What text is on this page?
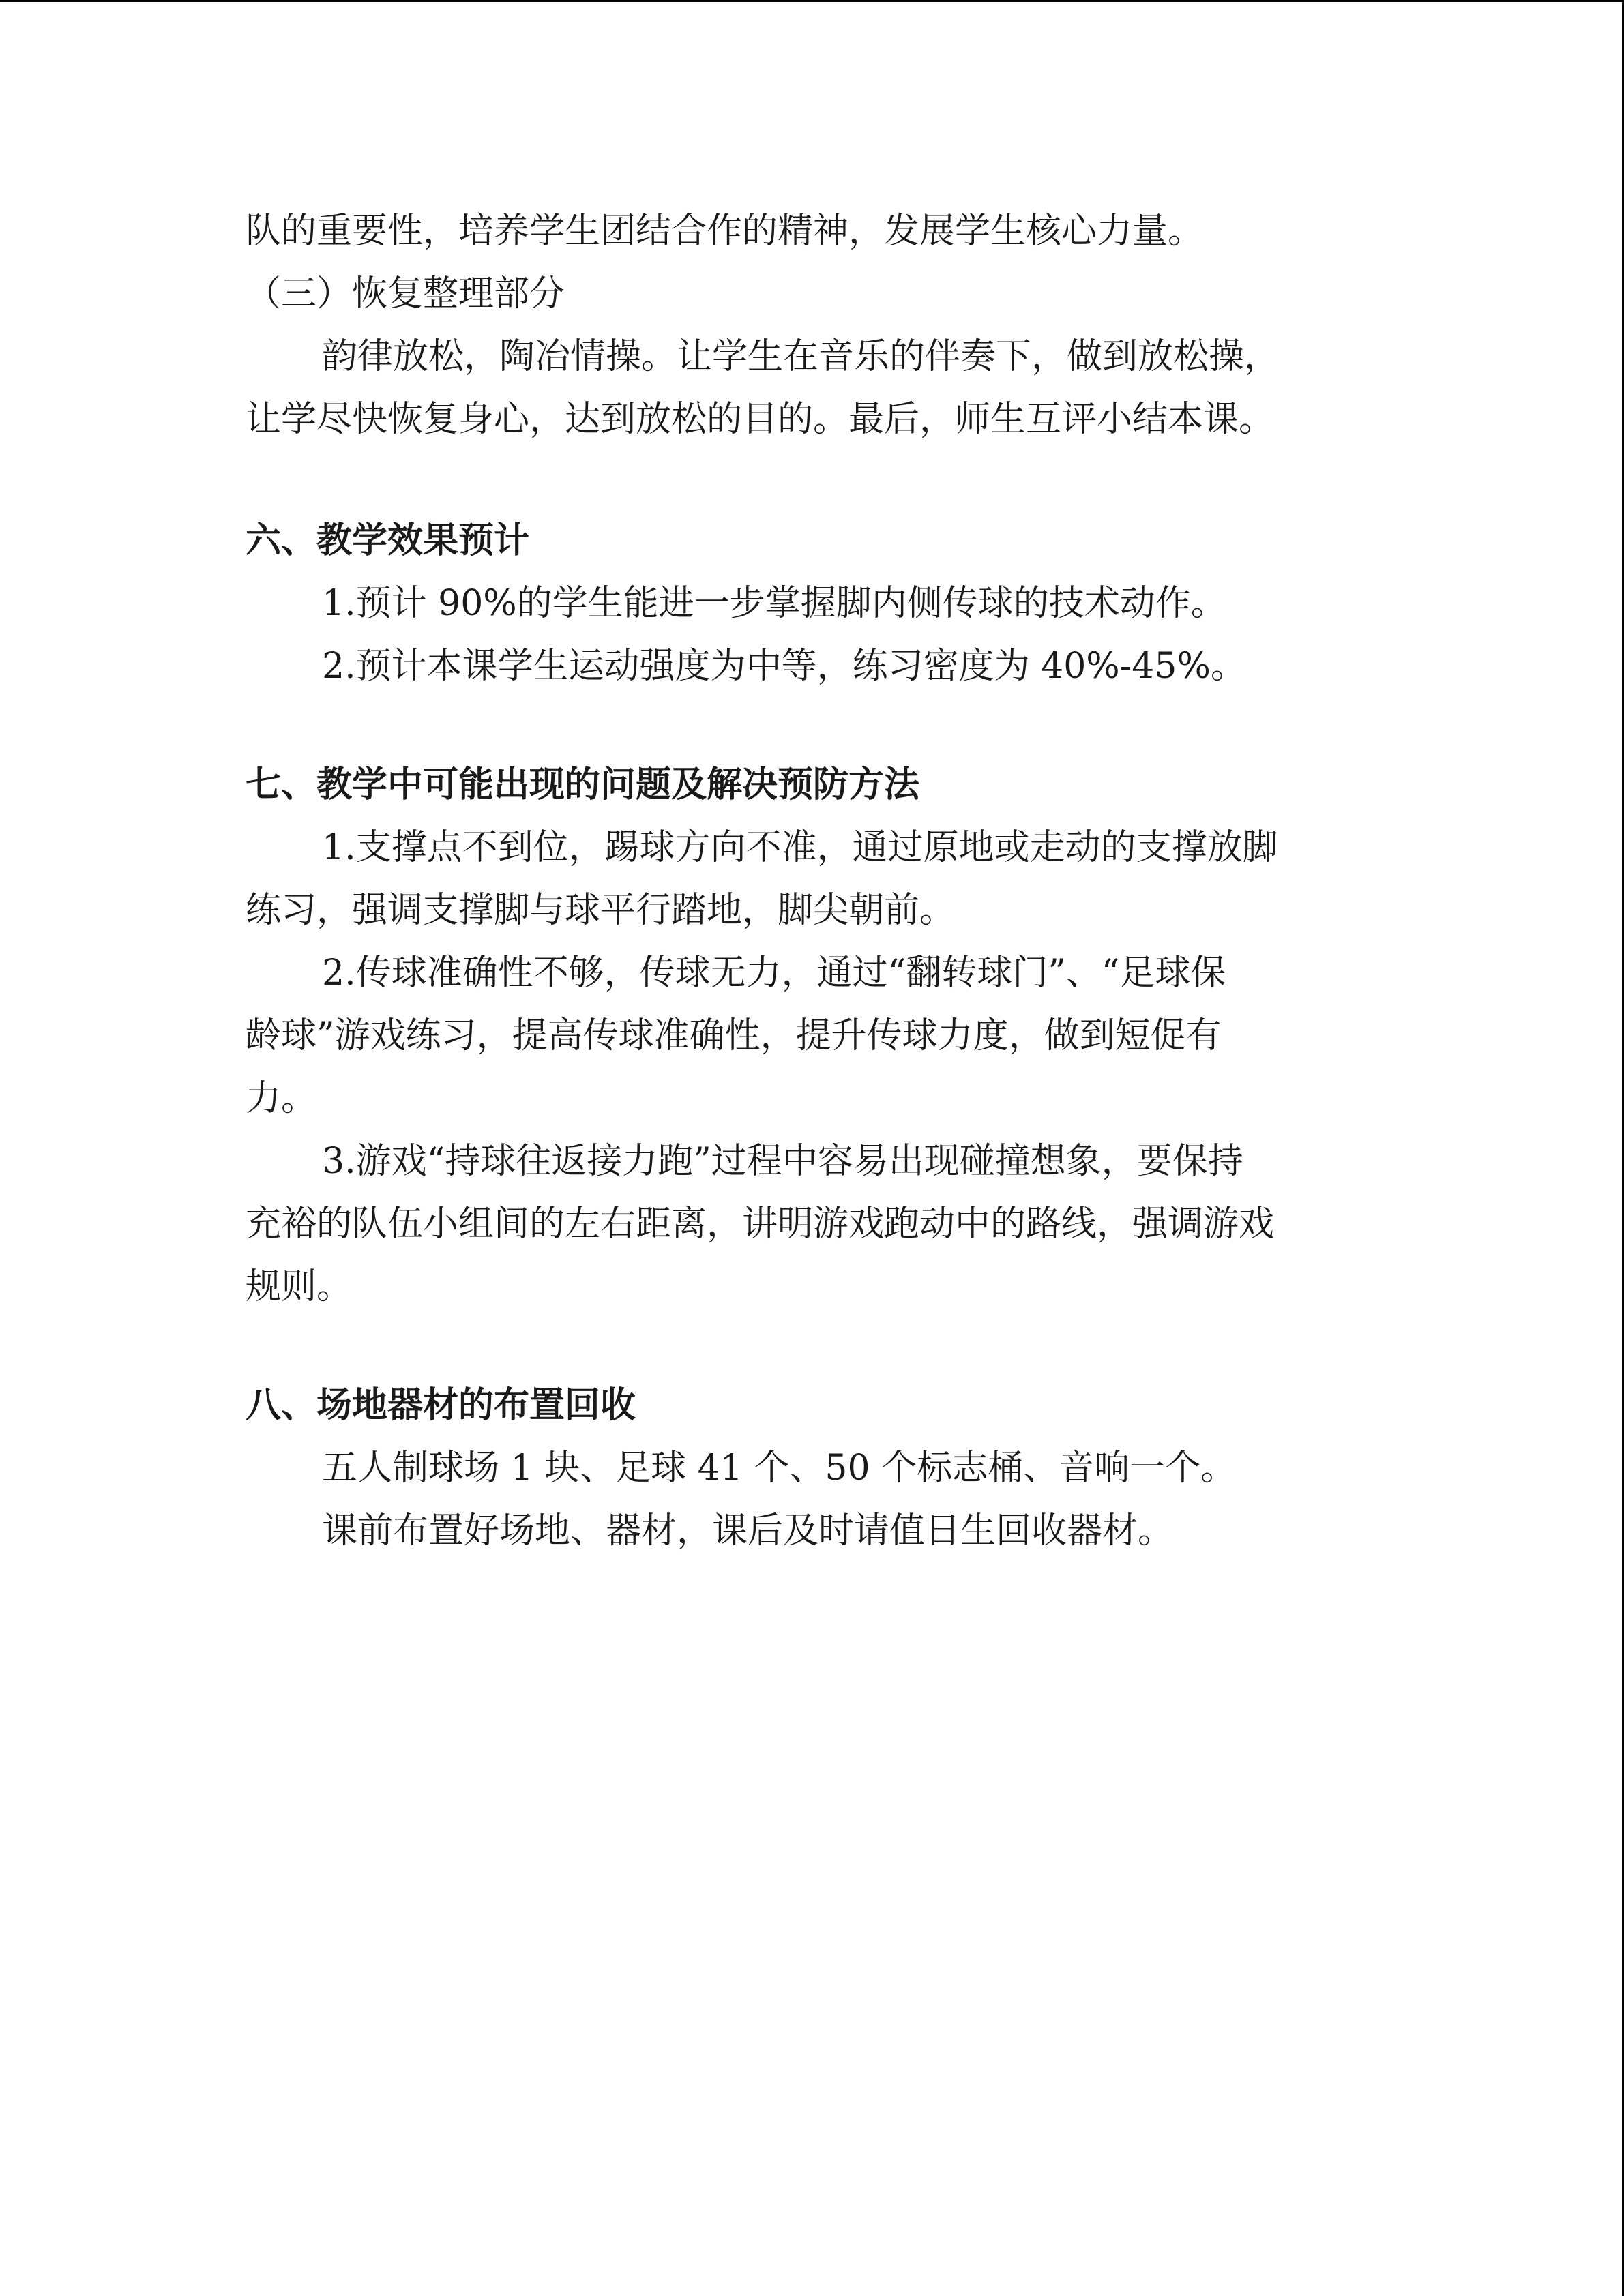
队的重要性，培养学生团结合作的精神，发展学生核心力量。

（三）恢复整理部分

韵律放松，陶冶情操。让学生在音乐的伴奏下，做到放松操，

让学尽快恢复身心，达到放松的目的。最后，师生互评小结本课。

六、教学效果预计

1.预计 90%的学生能进一步掌握脚内侧传球的技术动作。

2.预计本课学生运动强度为中等，练习密度为 40%-45%。

七、教学中可能出现的问题及解决预防方法

1.支撑点不到位，踢球方向不准，通过原地或走动的支撑放脚

练习，强调支撑脚与球平行踏地，脚尖朝前。

2.传球准确性不够，传球无力，通过“翻转球门”、“足球保

龄球”游戏练习，提高传球准确性，提升传球力度，做到短促有

力。

3.游戏“持球往返接力跑”过程中容易出现碰撞想象，要保持

充裕的队伍小组间的左右距离，讲明游戏跑动中的路线，强调游戏

规则。

八、场地器材的布置回收

五人制球场 1 块、足球 41 个、50 个标志桶、音响一个。

课前布置好场地、器材，课后及时请值日生回收器材。
